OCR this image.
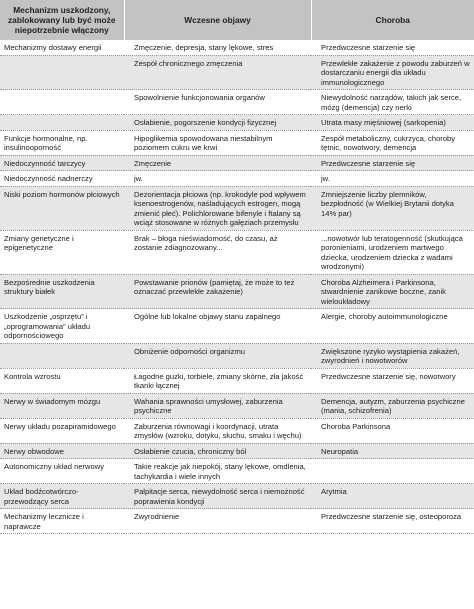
Mechanizm uszkodzony, zablokowany lub być może niepotrzebnie włączony	Wczesne objawy	Choroba

Mechanizmy dostawy energii	Zmęczenie, depresja, stany lękowe, stres	Przedwczesne starzenie się

	Zespół chronicznego zmęczenia	Przewlekłe zakażenie z powodu zaburzeń w dostarczaniu energii dla układu immunologicznego

	Spowolnienie funkcjonowania organów	Niewydolność narządów, takich jak serce, mózg (demencja) czy nerki

	Osłabienie, pogorszenie kondycji fizycznej	Utrata masy mięśniowej (sarkopenia)

Funkcje hormonalne, np. insulinooporność	Hipoglikemia spowodowana niestabilnym poziomem cukru we krwi	Zespół metaboliczny, cukrzyca, choroby tętnic, nowotwory, demencja

Niedoczynność tarczycy	Zmęczenie	Przedwczesne starzenie się

Niedoczynność nadnerczy	jw.	jw.

Niski poziom hormonów płciowych	Dezorientacja płciowa (np. krokodyle pod wpływem ksenoestrogenów, naśladujących estrogen, mogą zmienić płeć). Polichlorowane bifenyle i ftalany są wciąż stosowane w różnych gałęziach przemysłu	Zmniejszenie liczby plemników, bezpłodność (w Wielkiej Brytanii dotyka 14% par)

Zmiany genetyczne i epigenetyczne	Brak – błoga nieświadomość, do czasu, aż zostanie zdiagnozowany...	...nowotwór lub teratogenność (skutkująca poronieniami, urodzeniem martwego dziecka, urodzeniem dziecka z wadami wrodzonymi)

Bezpośrednie uszkodzenia struktury białek	Powstawanie prionów (pamiętaj, że może to też oznaczać przewlekłe zakażenie)	Choroba Alzheimera i Parkinsona, stwardnienie zanikowe boczne, zanik wieloukładowy

Uszkodzenie „osprzętu” i „oprogramowania” układu odpornościowego	Ogólne lub lokalne objawy stanu zapalnego	Alergie, choroby autoimmunologiczne

	Obniżenie odporności organizmu	Zwiększone ryzyko wystąpienia zakażeń, zwyrodnień i nowotworów

Kontrola wzrostu	Łagodne guzki, torbiele, zmiany skórne, zła jakość tkanki łącznej	Przedwczesne starzenie się, nowotwory

Nerwy w świadomym mózgu	Wahania sprawności umysłowej, zaburzenia psychiczne	Demencja, autyzm, zaburzenia psychiczne (mania, schizofrenia)

Nerwy układu pozapiramidowego	Zaburzenia równowagi i koordynacji, utrata zmysłów (wzroku, dotyku, słuchu, smaku i węchu)	Choroba Parkinsona

Nerwy obwodowe	Osłabienie czucia, chroniczny ból	Neuropatia

Autonomiczny układ nerwowy	Takie reakcje jak niepokój, stany lękowe, omdlenia, tachykardia i wiele innych	

Układ bodźcotwórczo-przewodzący serca	Palpitacje serca, niewydolność serca i niemożność poprawienia kondycji	Arytmia

Mechanizmy lecznicze i naprawcze	Zwyrodnienie	Przedwczesne starzenie się, osteoporoza
